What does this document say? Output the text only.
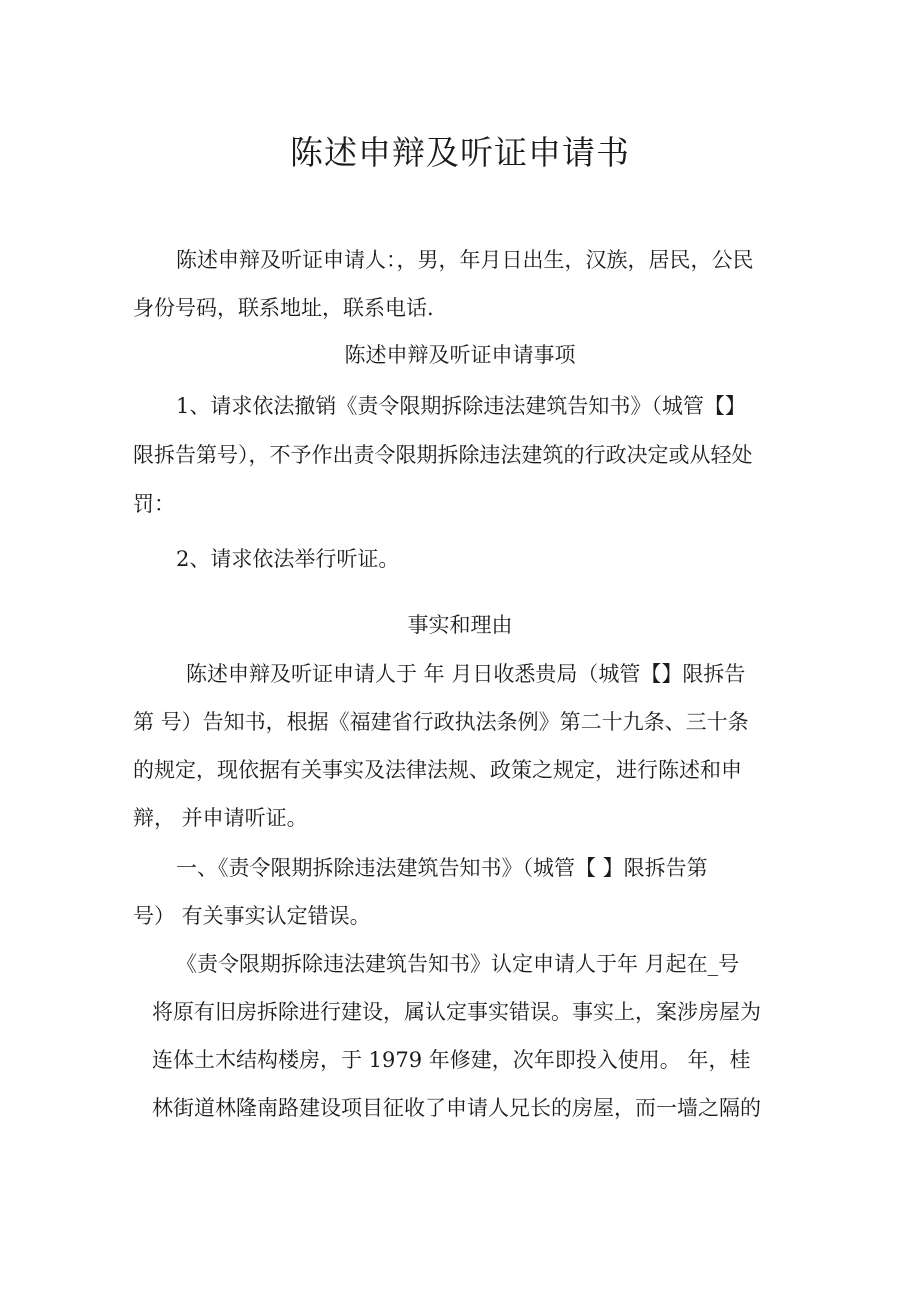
陈述申辩及听证申请书
陈述申辩及听证申请人：，男，年月日出生，汉族，居民，公民
身份号码，联系地址，联系电话.
陈述申辩及听证申请事项
1、请求依法撤销《责令限期拆除违法建筑告知书》（城管【】
限拆告第号），不予作出责令限期拆除违法建筑的行政决定或从轻处
罚：
2、请求依法举行听证。
事实和理由
陈述申辩及听证申请人于 年 月日收悉贵局（城管【】限拆告
第 号）告知书，根据《福建省行政执法条例》第二十九条、三十条
的规定，现依据有关事实及法律法规、政策之规定，进行陈述和申
辩， 并申请听证。
一、《责令限期拆除违法建筑告知书》（城管【 】限拆告第
号） 有关事实认定错误。
《责令限期拆除违法建筑告知书》认定申请人于年 月起在_号
将原有旧房拆除进行建设，属认定事实错误。事实上，案涉房屋为
连体土木结构楼房，于 1979 年修建，次年即投入使用。 年，桂
林街道林隆南路建设项目征收了申请人兄长的房屋，而一墙之隔的
